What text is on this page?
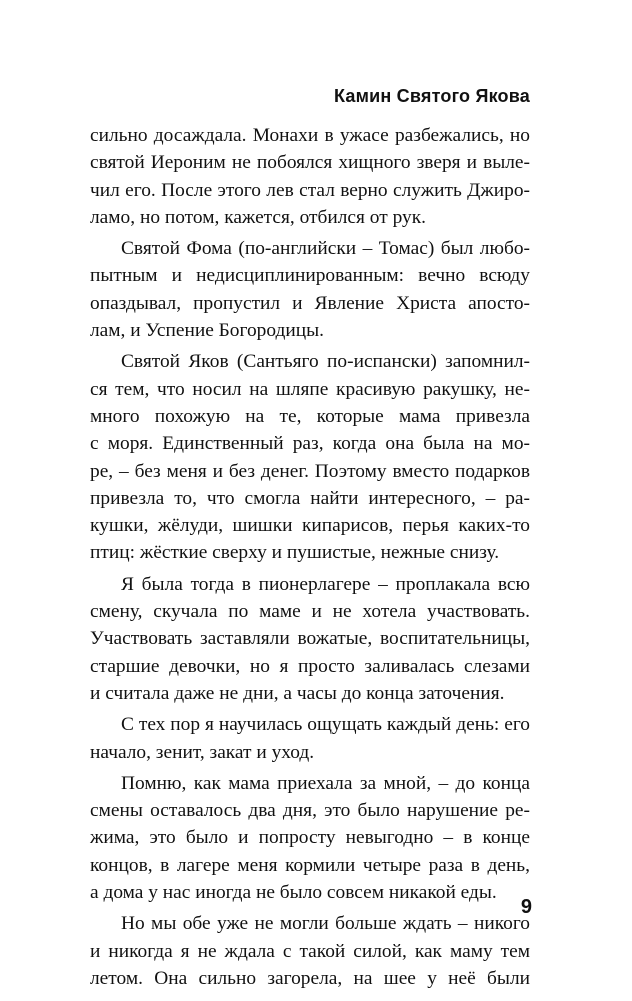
Камин Святого Якова

сильно досаждала. Монахи в ужасе разбежались, но
святой Иероним не побоялся хищного зверя и выле-
чил его. После этого лев стал верно служить Джиро-
ламо, но потом, кажется, отбился от рук.

Святой Фома (по-английски – Томас) был любо-
пытным и недисциплинированным: вечно всюду
опаздывал, пропустил и Явление Христа апосто-
лам, и Успение Богородицы.

Святой Яков (Сантьяго по-испански) запомнил-
ся тем, что носил на шляпе красивую ракушку, не-
много похожую на те, которые мама привезла
с моря. Единственный раз, когда она была на мо-
ре, – без меня и без денег. Поэтому вместо подарков
привезла то, что смогла найти интересного, – ра-
кушки, жёлуди, шишки кипарисов, перья каких-то
птиц: жёсткие сверху и пушистые, нежные снизу.

Я была тогда в пионерлагере – проплакала всю
смену, скучала по маме и не хотела участвовать.
Участвовать заставляли вожатые, воспитательницы,
старшие девочки, но я просто заливалась слезами
и считала даже не дни, а часы до конца заточения.

С тех пор я научилась ощущать каждый день: его
начало, зенит, закат и уход.

Помню, как мама приехала за мной, – до конца
смены оставалось два дня, это было нарушение ре-
жима, это было и попросту невыгодно – в конце
концов, в лагере меня кормили четыре раза в день,
а дома у нас иногда не было совсем никакой еды.

Но мы обе уже не могли больше ждать – никого
и никогда я не ждала с такой силой, как маму тем
летом. Она сильно загорела, на шее у неё были

9
